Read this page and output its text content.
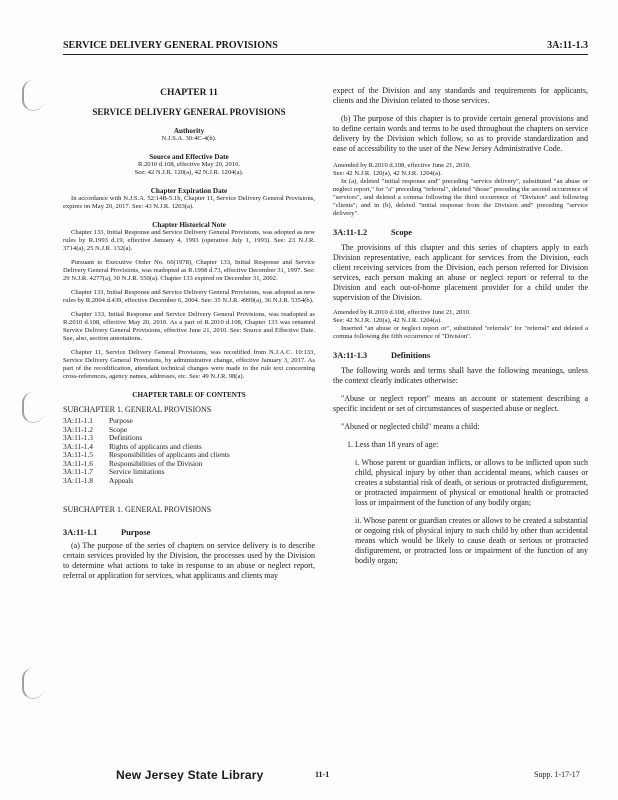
SERVICE DELIVERY GENERAL PROVISIONS	3A:11-1.3
CHAPTER 11
SERVICE DELIVERY GENERAL PROVISIONS
Authority

N.J.S.A. 30:4C-4(h).

Source and Effective Date

R.2010 d.108, effective May 20, 2010.

See: 42 N.J.R. 120(a), 42 N.J.R. 1204(a).

Chapter Expiration Date

In accordance with N.J.S.A. 52:14B-5.1b, Chapter 11, Service Delivery General Provisions, expires on May 20, 2017. See: 43 N.J.R. 1203(a).

Chapter Historical Note

Chapter 133, Initial Response and Service Delivery General Provisions, was adopted as new rules by R.1993 d.19, effective January 4, 1993 (operative July 1, 1993). See: 23 N.J.R. 3714(a), 25 N.J.R. 132(a).

Pursuant to Executive Order No. 66(1978), Chapter 133, Initial Response and Service Delivery General Provisions, was readopted as R.1998 d.73, effective December 31, 1997. See: 29 N.J.R. 4277(a), 30 N.J.R. 550(a). Chapter 133 expired on December 31, 2002.

Chapter 133, Initial Response and Service Delivery General Provisions, was adopted as new rules by R.2004 d.439, effective December 6, 2004. See: 35 N.J.R. 4999(a), 36 N.J.R. 5354(b).

Chapter 133, Initial Response and Service Delivery General Provisions, was readopted as R.2010 d.108, effective May 20, 2010. As a part of R.2010 d.108, Chapter 133 was renamed Service Delivery General Provisions, effective June 21, 2010. See: Source and Effective Date. See, also, section annotations.

Chapter 11, Service Delivery General Provisions, was recodified from N.J.A.C. 10:133, Service Delivery General Provisions, by administrative change, effective January 3, 2017. As part of the recodification, attendant technical changes were made to the rule text concerning cross-references, agency names, addresses, etc. See: 49 N.J.R. 98(a).

CHAPTER TABLE OF CONTENTS
SUBCHAPTER 1. GENERAL PROVISIONS
3A:11-1.1	Purpose
3A:11-1.2	Scope
3A:11-1.3	Definitions
3A:11-1.4	Rights of applicants and clients
3A:11-1.5	Responsibilities of applicants and clients
3A:11-1.6	Responsibilities of the Division
3A:11-1.7	Service limitations
3A:11-1.8	Appeals
SUBCHAPTER 1. GENERAL PROVISIONS
3A:11-1.1	Purpose

(a) The purpose of the series of chapters on service delivery is to describe certain services provided by the Division, the processes used by the Division to determine what actions to take in response to an abuse or neglect report, referral or application for services, what applicants and clients may

expect of the Division and any standards and requirements for applicants, clients and the Division related to those services.

(b) The purpose of this chapter is to provide certain general provisions and to define certain words and terms to be used throughout the chapters on service delivery by the Division which follow, so as to provide standardization and ease of accessibility to the user of the New Jersey Administrative Code.

Amended by R.2010 d.108, effective June 21, 2010.

See: 42 N.J.R. 120(a), 42 N.J.R. 1204(a).

In (a), deleted "initial response and" preceding "service delivery", substituted "an abuse or neglect report," for "a" preceding "referral", deleted "those" preceding the second occurrence of "services", and deleted a comma following the third occurrence of "Division" and following "clients"; and in (b), deleted "initial response from the Division and" preceding "service delivery".

3A:11-1.2	Scope

The provisions of this chapter and this series of chapters apply to each Division representative, each applicant for services from the Division, each client receiving services from the Division, each person referred for Division services, each person making an abuse or neglect report or referral to the Division and each out-of-home placement provider for a child under the supervision of the Division.

Amended by R.2010 d.108, effective June 21, 2010.

See: 42 N.J.R. 120(a), 42 N.J.R. 1204(a).

Inserted "an abuse or neglect report or", substituted "referrals" for "referral" and deleted a comma following the fifth occurrence of "Division".

3A:11-1.3	Definitions

The following words and terms shall have the following meanings, unless the context clearly indicates otherwise:

"Abuse or neglect report" means an account or statement describing a specific incident or set of circumstances of suspected abuse or neglect.

"Abused or neglected child" means a child:

1. Less than 18 years of age:

i. Whose parent or guardian inflicts, or allows to be inflicted upon such child, physical injury by other than accidental means, which causes or creates a substantial risk of death, or serious or protracted disfigurement, or protracted impairment of physical or emotional health or protracted loss or impairment of the function of any bodily organ;

ii. Whose parent or guardian creates or allows to be created a substantial or ongoing risk of physical injury to such child by other than accidental means which would be likely to cause death or serious or protracted disfigurement, or protracted loss or impairment of the function of any bodily organ;

New Jersey State Library	11-1	Supp. 1-17-17
